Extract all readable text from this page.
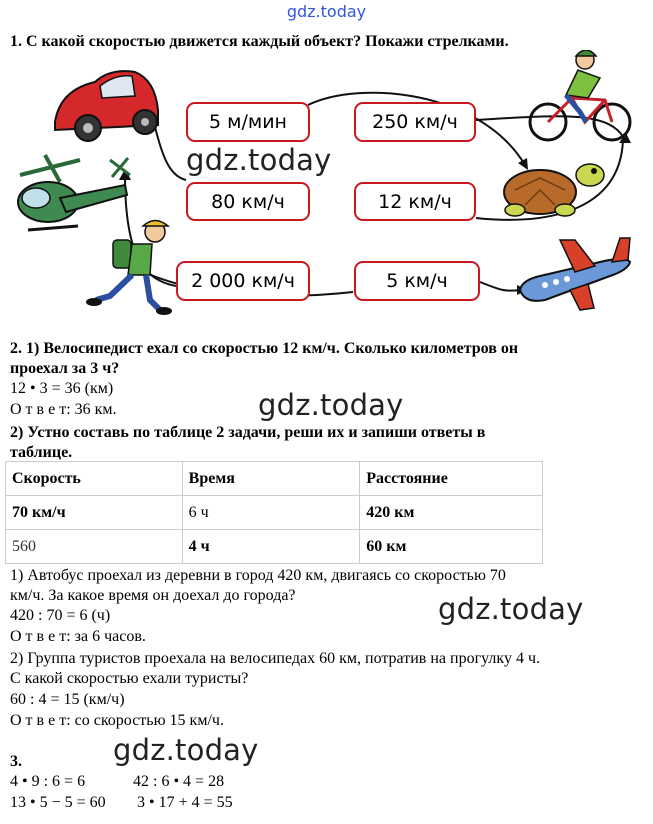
gdz.today
1. С какой скоростью движется каждый объект? Покажи стрелками.
5 м/мин	250 км/ч
80 км/ч	12 км/ч
2 000 км/ч	5 км/ч
2. 1) Велосипедист ехал со скоростью 12 км/ч. Сколько километров он
проехал за 3 ч?
12 • 3 = 36 (км)
О т в е т: 36 км.
2) Устно составь по таблице 2 задачи, реши их и запиши ответы в
таблице.
Скорость	Время	Расстояние
70 км/ч	6 ч	420 км
560	4 ч	60 км
1) Автобус проехал из деревни в город 420 км, двигаясь со скоростью 70
км/ч. За какое время он доехал до города?
420 : 70 = 6 (ч)
О т в е т: за 6 часов.
2) Группа туристов проехала на велосипедах 60 км, потратив на прогулку 4 ч.
С какой скоростью ехали туристы?
60 : 4 = 15 (км/ч)
О т в е т: со скоростью 15 км/ч.
3.
4 • 9 : 6 = 6	42 : 6 • 4 = 28
13 • 5 − 5 = 60 3 • 17 + 4 = 55
gdz.today
gdz.today
gdz.today
gdz.today
